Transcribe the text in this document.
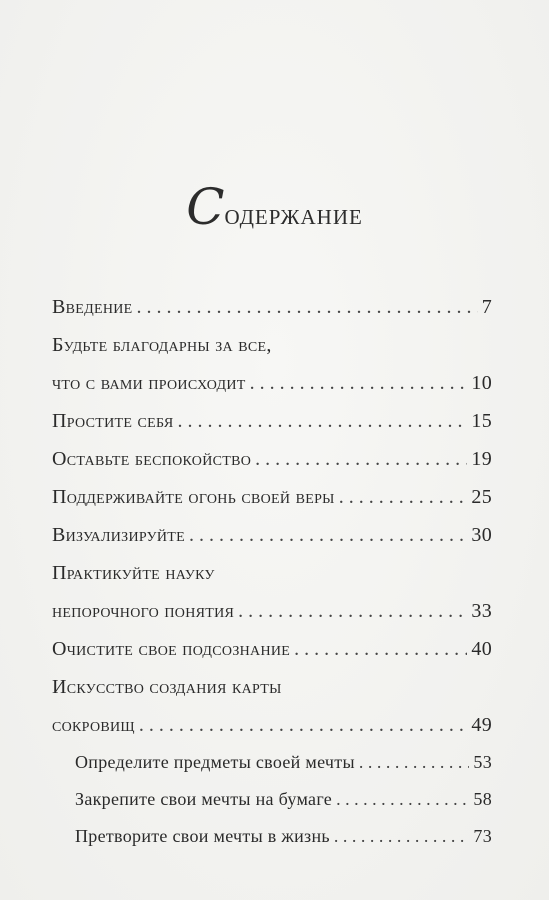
Содержание
Введение . . .	7
Будьте благодарны за все,
что с вами происходит . . .	10
Простите себя . . .	15
Оставьте беспокойство . . .	19
Поддерживайте огонь своей веры . . .	25
Визуализируйте . . .	30
Практикуйте науку
непорочного понятия . . .	33
Очистите свое подсознание . . .	40
Искусство создания карты
сокровищ . . .	49
Определите предметы своей мечты . . .	53
Закрепите свои мечты на бумаге . . .	58
Претворите свои мечты в жизнь . . .	73
